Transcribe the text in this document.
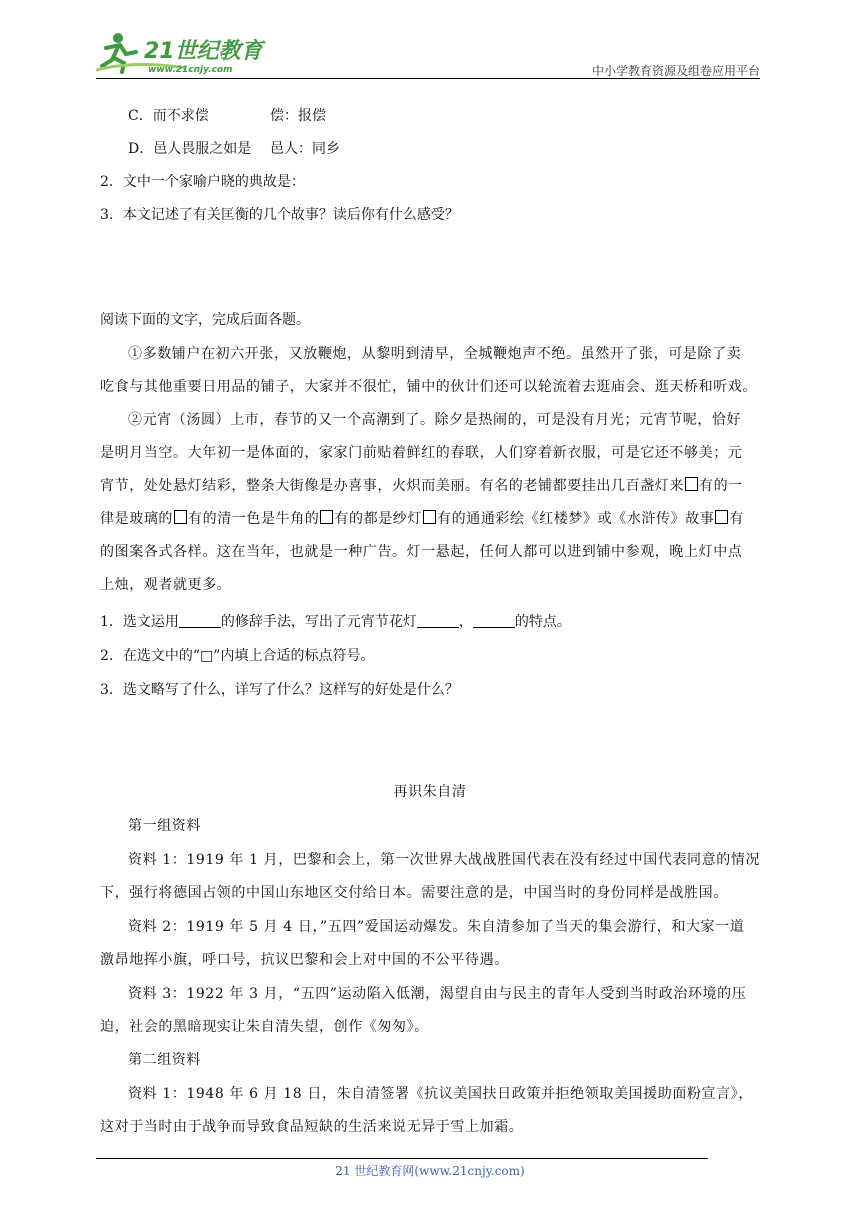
21世纪教育
www.21cnjy.com	中小学教育资源及组卷应用平台
C．而不求偿	偿：报偿
D．邑人畏服之如是 邑人：同乡
2．文中一个家喻户晓的典故是：
3．本文记述了有关匡衡的几个故事？读后你有什么感受？
阅读下面的文字，完成后面各题。
①多数铺户在初六开张，又放鞭炮，从黎明到清早，全城鞭炮声不绝。虽然开了张，可是除了卖
吃食与其他重要日用品的铺子，大家并不很忙，铺中的伙计们还可以轮流着去逛庙会、逛天桥和听戏。
②元宵（汤圆）上市，春节的又一个高潮到了。除夕是热闹的，可是没有月光；元宵节呢，恰好
是明月当空。大年初一是体面的，家家门前贴着鲜红的春联，人们穿着新衣服，可是它还不够美；元
宵节，处处悬灯结彩，整条大街像是办喜事，火炽而美丽。有名的老铺都要挂出几百盏灯来 有的一
律是玻璃的 有的清一色是牛角的 有的都是纱灯 有的通通彩绘《红楼梦》或《水浒传》故事 有
的图案各式各样。这在当年，也就是一种广告。灯一悬起，任何人都可以进到铺中参观，晚上灯中点
上烛，观者就更多。
1．选文运用	的修辞手法，写出了元宵节花灯	，	的特点。
2．在选文中的“□”内填上合适的标点符号。
3．选文略写了什么，详写了什么？这样写的好处是什么？
再识朱自清
第一组资料
资料 1：1919 年 1 月，巴黎和会上，第一次世界大战战胜国代表在没有经过中国代表同意的情况
下，强行将德国占领的中国山东地区交付给日本。需要注意的是，中国当时的身份同样是战胜国。
资料 2：1919 年 5 月 4 日，”五四”爱国运动爆发。朱自清参加了当天的集会游行，和大家一道
激昂地挥小旗，呼口号，抗议巴黎和会上对中国的不公平待遇。
资料 3：1922 年 3 月，“五四”运动陷入低潮，渴望自由与民主的青年人受到当时政治环境的压
迫，社会的黑暗现实让朱自清失望，创作《匆匆》。
第二组资料
资料 1：1948 年 6 月 18 日，朱自清签署《抗议美国扶日政策并拒绝领取美国援助面粉宣言》，
这对于当时由于战争而导致食品短缺的生活来说无异于雪上加霜。
21 世纪教育网(www.21cnjy.com)
